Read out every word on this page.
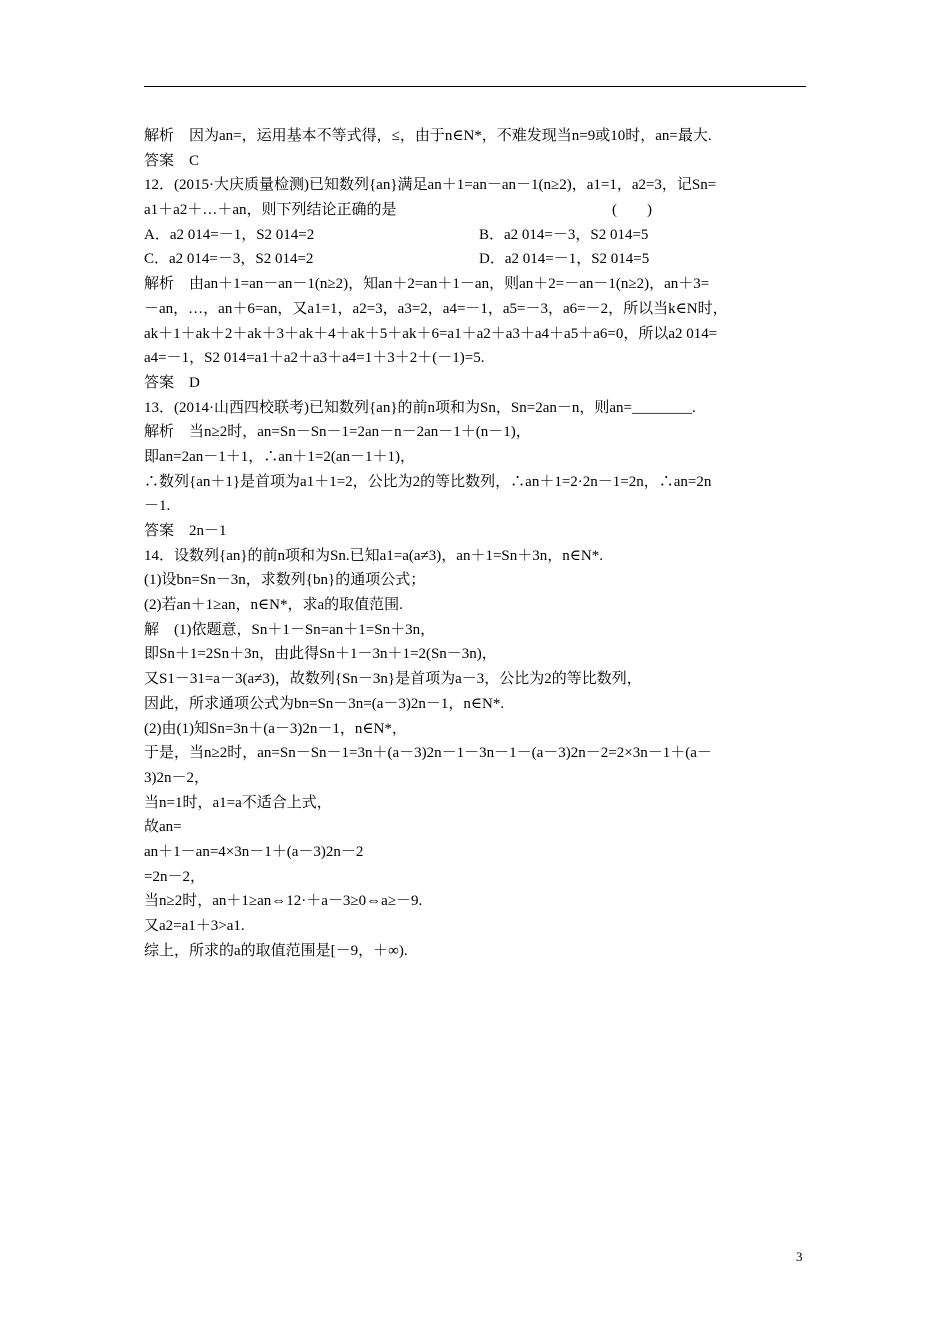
解析　因为an=，运用基本不等式得，≤，由于n∈N*，不难发现当n=9或10时，an=最大.
答案　C
12．(2015·大庆质量检测)已知数列{an}满足an＋1=an－an－1(n≥2)，a1=1，a2=3，记Sn=
a1＋a2＋…＋an，则下列结论正确的是	(　　)
A．a2 014=－1，S2 014=2	B．a2 014=－3，S2 014=5
C．a2 014=－3，S2 014=2	D．a2 014=－1，S2 014=5
解析　由an＋1=an－an－1(n≥2)，知an＋2=an＋1－an，则an＋2=－an－1(n≥2)，an＋3=
－an，…，an＋6=an，又a1=1，a2=3，a3=2，a4=－1，a5=－3，a6=－2，所以当k∈N时，
ak＋1＋ak＋2＋ak＋3＋ak＋4＋ak＋5＋ak＋6=a1＋a2＋a3＋a4＋a5＋a6=0，所以a2 014=
a4=－1，S2 014=a1＋a2＋a3＋a4=1＋3＋2＋(－1)=5.
答案　D
13．(2014·山西四校联考)已知数列{an}的前n项和为Sn，Sn=2an－n，则an=________.
解析　当n≥2时，an=Sn－Sn－1=2an－n－2an－1＋(n－1)，
即an=2an－1＋1，∴an＋1=2(an－1＋1)，
∴数列{an＋1}是首项为a1＋1=2，公比为2的等比数列，∴an＋1=2·2n－1=2n，∴an=2n
－1.
答案　2n－1
14．设数列{an}的前n项和为Sn.已知a1=a(a≠3)，an＋1=Sn＋3n，n∈N*.
(1)设bn=Sn－3n，求数列{bn}的通项公式；
(2)若an＋1≥an，n∈N*，求a的取值范围.
解　(1)依题意，Sn＋1－Sn=an＋1=Sn＋3n，
即Sn＋1=2Sn＋3n，由此得Sn＋1－3n＋1=2(Sn－3n)，
又S1－31=a－3(a≠3)，故数列{Sn－3n}是首项为a－3，公比为2的等比数列，
因此，所求通项公式为bn=Sn－3n=(a－3)2n－1，n∈N*.
(2)由(1)知Sn=3n＋(a－3)2n－1，n∈N*，
于是，当n≥2时，an=Sn－Sn－1=3n＋(a－3)2n－1－3n－1－(a－3)2n－2=2×3n－1＋(a－
3)2n－2，
当n=1时，a1=a不适合上式，
故an=
an＋1－an=4×3n－1＋(a－3)2n－2
=2n－2，
当n≥2时，an＋1≥an⇔12·＋a－3≥0⇔a≥－9.
又a2=a1＋3>a1.
综上，所求的a的取值范围是[－9，＋∞).
3
